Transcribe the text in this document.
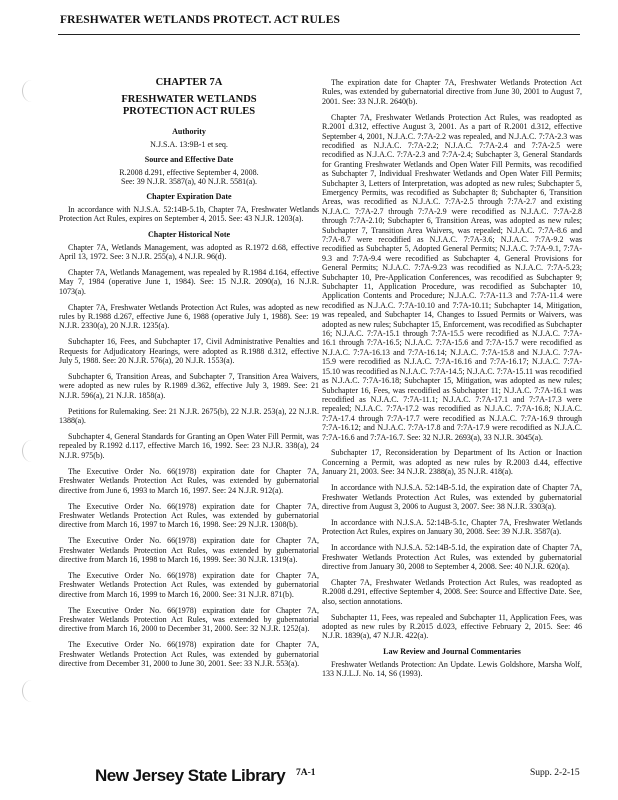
FRESHWATER WETLANDS PROTECT. ACT RULES
CHAPTER 7A
FRESHWATER WETLANDS
PROTECTION ACT RULES
Authority
N.J.S.A. 13:9B-1 et seq.
Source and Effective Date
R.2008 d.291, effective September 4, 2008.
See: 39 N.J.R. 3587(a), 40 N.J.R. 5581(a).
Chapter Expiration Date

In accordance with N.J.S.A. 52:14B-5.1b, Chapter 7A, Freshwater Wetlands Protection Act Rules, expires on September 4, 2015. See: 43 N.J.R. 1203(a).

Chapter Historical Note

Chapter 7A, Wetlands Management, was adopted as R.1972 d.68, effective April 13, 1972. See: 3 N.J.R. 255(a), 4 N.J.R. 96(d).

Chapter 7A, Wetlands Management, was repealed by R.1984 d.164, effective May 7, 1984 (operative June 1, 1984). See: 15 N.J.R. 2090(a), 16 N.J.R. 1073(a).

Chapter 7A, Freshwater Wetlands Protection Act Rules, was adopted as new rules by R.1988 d.267, effective June 6, 1988 (operative July 1, 1988). See: 19 N.J.R. 2330(a), 20 N.J.R. 1235(a).

Subchapter 16, Fees, and Subchapter 17, Civil Administrative Penalties and Requests for Adjudicatory Hearings, were adopted as R.1988 d.312, effective July 5, 1988. See: 20 N.J.R. 576(a), 20 N.J.R. 1553(a).

Subchapter 6, Transition Areas, and Subchapter 7, Transition Area Waivers, were adopted as new rules by R.1989 d.362, effective July 3, 1989. See: 21 N.J.R. 596(a), 21 N.J.R. 1858(a).

Petitions for Rulemaking. See: 21 N.J.R. 2675(b), 22 N.J.R. 253(a), 22 N.J.R. 1388(a).

Subchapter 4, General Standards for Granting an Open Water Fill Permit, was repealed by R.1992 d.117, effective March 16, 1992. See: 23 N.J.R. 338(a), 24 N.J.R. 975(b).

The Executive Order No. 66(1978) expiration date for Chapter 7A, Freshwater Wetlands Protection Act Rules, was extended by gubernatorial directive from June 6, 1993 to March 16, 1997. See: 24 N.J.R. 912(a).

The Executive Order No. 66(1978) expiration date for Chapter 7A, Freshwater Wetlands Protection Act Rules, was extended by gubernatorial directive from March 16, 1997 to March 16, 1998. See: 29 N.J.R. 1308(b).

The Executive Order No. 66(1978) expiration date for Chapter 7A, Freshwater Wetlands Protection Act Rules, was extended by gubernatorial directive from March 16, 1998 to March 16, 1999. See: 30 N.J.R. 1319(a).

The Executive Order No. 66(1978) expiration date for Chapter 7A, Freshwater Wetlands Protection Act Rules, was extended by gubernatorial directive from March 16, 1999 to March 16, 2000. See: 31 N.J.R. 871(b).

The Executive Order No. 66(1978) expiration date for Chapter 7A, Freshwater Wetlands Protection Act Rules, was extended by gubernatorial directive from March 16, 2000 to December 31, 2000. See: 32 N.J.R. 1252(a).

The Executive Order No. 66(1978) expiration date for Chapter 7A, Freshwater Wetlands Protection Act Rules, was extended by gubernatorial directive from December 31, 2000 to June 30, 2001. See: 33 N.J.R. 553(a).

The expiration date for Chapter 7A, Freshwater Wetlands Protection Act Rules, was extended by gubernatorial directive from June 30, 2001 to August 7, 2001. See: 33 N.J.R. 2640(b).

Chapter 7A, Freshwater Wetlands Protection Act Rules, was readopted as R.2001 d.312, effective August 3, 2001. As a part of R.2001 d.312, effective September 4, 2001, N.J.A.C. 7:7A-2.2 was repealed, and N.J.A.C. 7:7A-2.3 was recodified as N.J.A.C. 7:7A-2.2; N.J.A.C. 7:7A-2.4 and 7:7A-2.5 were recodified as N.J.A.C. 7:7A-2.3 and 7:7A-2.4; Subchapter 3, General Standards for Granting Freshwater Wetlands and Open Water Fill Permits, was recodified as Subchapter 7, Individual Freshwater Wetlands and Open Water Fill Permits; Subchapter 3, Letters of Interpretation, was adopted as new rules; Subchapter 5, Emergency Permits, was recodified as Subchapter 8; Subchapter 6, Transition Areas, was recodified as N.J.A.C. 7:7A-2.5 through 7:7A-2.7 and existing N.J.A.C. 7:7A-2.7 through 7:7A-2.9 were recodified as N.J.A.C. 7:7A-2.8 through 7:7A-2.10; Subchapter 6, Transition Areas, was adopted as new rules; Subchapter 7, Transition Area Waivers, was repealed; N.J.A.C. 7:7A-8.6 and 7:7A-8.7 were recodified as N.J.A.C. 7:7A-3.6; N.J.A.C. 7:7A-9.2 was recodified as Subchapter 5, Adopted General Permits; N.J.A.C. 7:7A-9.1, 7:7A-9.3 and 7:7A-9.4 were recodified as Subchapter 4, General Provisions for General Permits; N.J.A.C. 7:7A-9.23 was recodified as N.J.A.C. 7:7A-5.23; Subchapter 10, Pre-Application Conferences, was recodified as Subchapter 9; Subchapter 11, Application Procedure, was recodified as Subchapter 10, Application Contents and Procedure; N.J.A.C. 7:7A-11.3 and 7:7A-11.4 were recodified as N.J.A.C. 7:7A-10.10 and 7:7A-10.11; Subchapter 14, Mitigation, was repealed, and Subchapter 14, Changes to Issued Permits or Waivers, was adopted as new rules; Subchapter 15, Enforcement, was recodified as Subchapter 16; N.J.A.C. 7:7A-15.1 through 7:7A-15.5 were recodified as N.J.A.C. 7:7A-16.1 through 7:7A-16.5; N.J.A.C. 7:7A-15.6 and 7:7A-15.7 were recodified as N.J.A.C. 7:7A-16.13 and 7:7A-16.14; N.J.A.C. 7:7A-15.8 and N.J.A.C. 7:7A-15.9 were recodified as N.J.A.C. 7:7A-16.16 and 7:7A-16.17; N.J.A.C. 7:7A-15.10 was recodified as N.J.A.C. 7:7A-14.5; N.J.A.C. 7:7A-15.11 was recodified as N.J.A.C. 7:7A-16.18; Subchapter 15, Mitigation, was adopted as new rules; Subchapter 16, Fees, was recodified as Subchapter 11; N.J.A.C. 7:7A-16.1 was recodified as N.J.A.C. 7:7A-11.1; N.J.A.C. 7:7A-17.1 and 7:7A-17.3 were repealed; N.J.A.C. 7:7A-17.2 was recodified as N.J.A.C. 7:7A-16.8; N.J.A.C. 7:7A-17.4 through 7:7A-17.7 were recodified as N.J.A.C. 7:7A-16.9 through 7:7A-16.12; and N.J.A.C. 7:7A-17.8 and 7:7A-17.9 were recodified as N.J.A.C. 7:7A-16.6 and 7:7A-16.7. See: 32 N.J.R. 2693(a), 33 N.J.R. 3045(a).

Subchapter 17, Reconsideration by Department of Its Action or Inaction Concerning a Permit, was adopted as new rules by R.2003 d.44, effective January 21, 2003. See: 34 N.J.R. 2388(a), 35 N.J.R. 418(a).

In accordance with N.J.S.A. 52:14B-5.1d, the expiration date of Chapter 7A, Freshwater Wetlands Protection Act Rules, was extended by gubernatorial directive from August 3, 2006 to August 3, 2007. See: 38 N.J.R. 3303(a).

In accordance with N.J.S.A. 52:14B-5.1c, Chapter 7A, Freshwater Wetlands Protection Act Rules, expires on January 30, 2008. See: 39 N.J.R. 3587(a).

In accordance with N.J.S.A. 52:14B-5.1d, the expiration date of Chapter 7A, Freshwater Wetlands Protection Act Rules, was extended by gubernatorial directive from January 30, 2008 to September 4, 2008. See: 40 N.J.R. 620(a).

Chapter 7A, Freshwater Wetlands Protection Act Rules, was readopted as R.2008 d.291, effective September 4, 2008. See: Source and Effective Date. See, also, section annotations.

Subchapter 11, Fees, was repealed and Subchapter 11, Application Fees, was adopted as new rules by R.2015 d.023, effective February 2, 2015. See: 46 N.J.R. 1839(a), 47 N.J.R. 422(a).

Law Review and Journal Commentaries

Freshwater Wetlands Protection: An Update. Lewis Goldshore, Marsha Wolf, 133 N.J.L.J. No. 14, S6 (1993).

New Jersey State Library 7A-1	Supp. 2-2-15
